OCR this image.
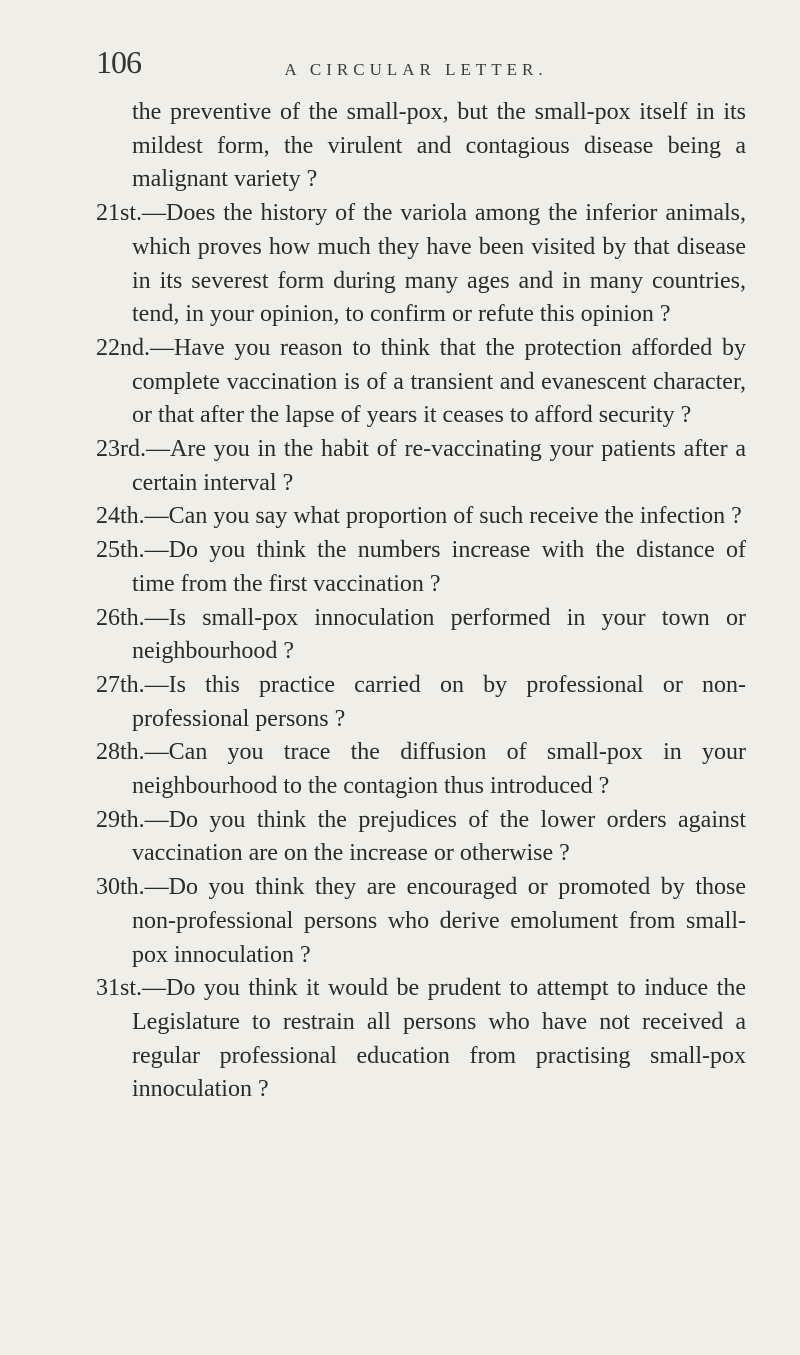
106	A CIRCULAR LETTER.

the preventive of the small-pox, but the small-pox itself in its mildest form, the virulent and contagious disease being a malignant variety ?

21st.—Does the history of the variola among the inferior animals, which proves how much they have been visited by that disease in its severest form during many ages and in many countries, tend, in your opinion, to confirm or refute this opinion ?

22nd.—Have you reason to think that the protection afforded by complete vaccination is of a transient and evanescent character, or that after the lapse of years it ceases to afford security ?

23rd.—Are you in the habit of re-vaccinating your patients after a certain interval ?

24th.—Can you say what proportion of such receive the infection ?

25th.—Do you think the numbers increase with the distance of time from the first vaccination ?

26th.—Is small-pox innoculation performed in your town or neighbourhood ?

27th.—Is this practice carried on by professional or non-professional persons ?

28th.—Can you trace the diffusion of small-pox in your neighbourhood to the contagion thus introduced ?

29th.—Do you think the prejudices of the lower orders against vaccination are on the increase or otherwise ?

30th.—Do you think they are encouraged or promoted by those non-professional persons who derive emolument from small-pox innoculation ?

31st.—Do you think it would be prudent to attempt to induce the Legislature to restrain all persons who have not received a regular professional education from practising small-pox innoculation ?
